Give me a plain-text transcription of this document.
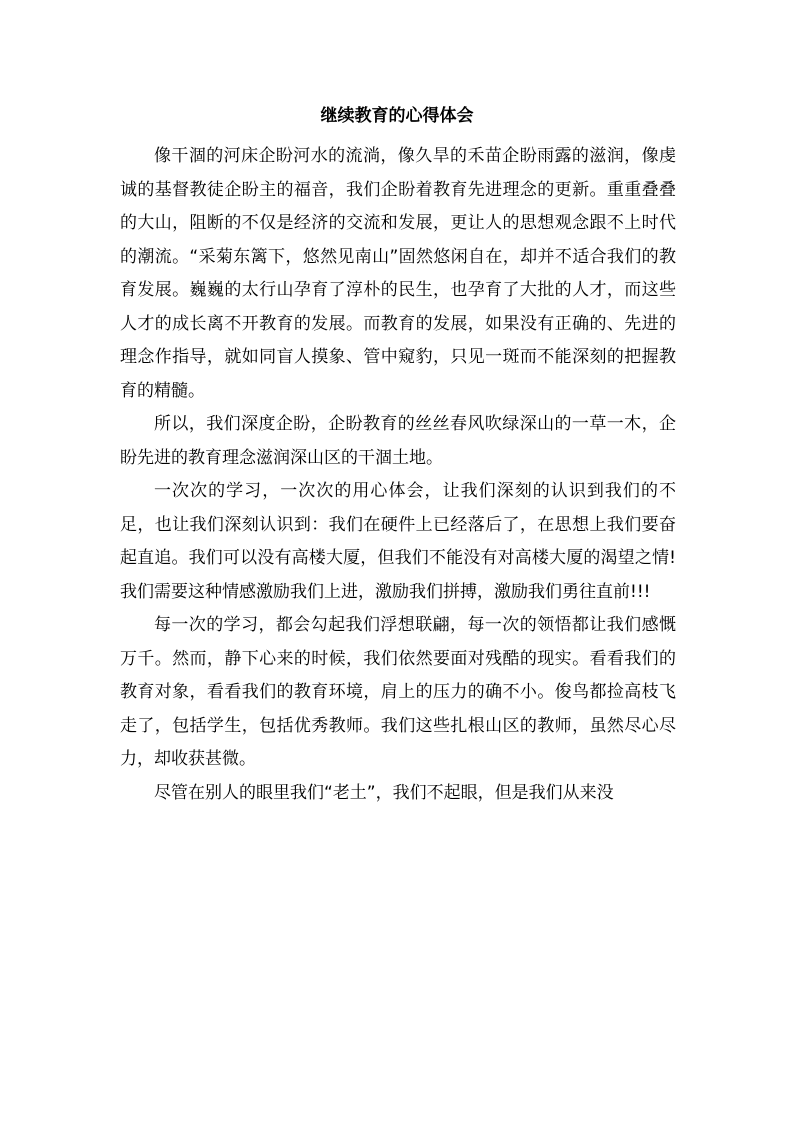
继续教育的心得体会

像干涸的河床企盼河水的流淌，像久旱的禾苗企盼雨露的滋润，像虔诚的基督教徒企盼主的福音，我们企盼着教育先进理念的更新。重重叠叠的大山，阻断的不仅是经济的交流和发展，更让人的思想观念跟不上时代的潮流。“采菊东篱下，悠然见南山”固然悠闲自在，却并不适合我们的教育发展。巍巍的太行山孕育了淳朴的民生，也孕育了大批的人才，而这些人才的成长离不开教育的发展。而教育的发展，如果没有正确的、先进的理念作指导，就如同盲人摸象、管中窥豹，只见一斑而不能深刻的把握教育的精髓。

所以，我们深度企盼，企盼教育的丝丝春风吹绿深山的一草一木，企盼先进的教育理念滋润深山区的干涸土地。

一次次的学习，一次次的用心体会，让我们深刻的认识到我们的不足，也让我们深刻认识到：我们在硬件上已经落后了，在思想上我们要奋起直追。我们可以没有高楼大厦，但我们不能没有对高楼大厦的渴望之情!我们需要这种情感激励我们上进，激励我们拼搏，激励我们勇往直前!!!

每一次的学习，都会勾起我们浮想联翩，每一次的领悟都让我们感慨万千。然而，静下心来的时候，我们依然要面对残酷的现实。看看我们的教育对象，看看我们的教育环境，肩上的压力的确不小。俊鸟都捡高枝飞走了，包括学生，包括优秀教师。我们这些扎根山区的教师，虽然尽心尽力，却收获甚微。

尽管在别人的眼里我们“老土”，我们不起眼，但是我们从来没
